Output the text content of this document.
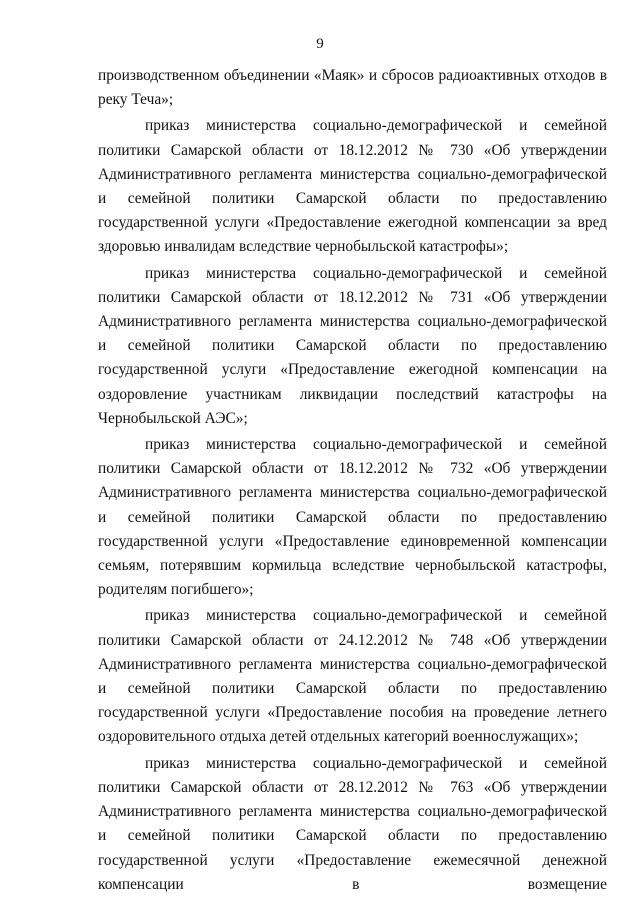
9

производственном объединении «Маяк» и сбросов радиоактивных отходов в реку Теча»;

приказ министерства социально-демографической и семейной политики Самарской области от 18.12.2012 № 730 «Об утверждении Административного регламента министерства социально-демографической и семейной политики Самарской области по предоставлению государственной услуги «Предоставление ежегодной компенсации за вред здоровью инвалидам вследствие чернобыльской катастрофы»;

приказ министерства социально-демографической и семейной политики Самарской области от 18.12.2012 № 731 «Об утверждении Административного регламента министерства социально-демографической и семейной политики Самарской области по предоставлению государственной услуги «Предоставление ежегодной компенсации на оздоровление участникам ликвидации последствий катастрофы на Чернобыльской АЭС»;

приказ министерства социально-демографической и семейной политики Самарской области от 18.12.2012 № 732 «Об утверждении Административного регламента министерства социально-демографической и семейной политики Самарской области по предоставлению государственной услуги «Предоставление единовременной компенсации семьям, потерявшим кормильца вследствие чернобыльской катастрофы, родителям погибшего»;

приказ министерства социально-демографической и семейной политики Самарской области от 24.12.2012 № 748 «Об утверждении Административного регламента министерства социально-демографической и семейной политики Самарской области по предоставлению государственной услуги «Предоставление пособия на проведение летнего оздоровительного отдыха детей отдельных категорий военнослужащих»;

приказ министерства социально-демографической и семейной политики Самарской области от 28.12.2012 № 763 «Об утверждении Административного регламента министерства социально-демографической и семейной политики Самарской области по предоставлению государственной услуги «Предоставление ежемесячной денежной компенсации в возмещение
